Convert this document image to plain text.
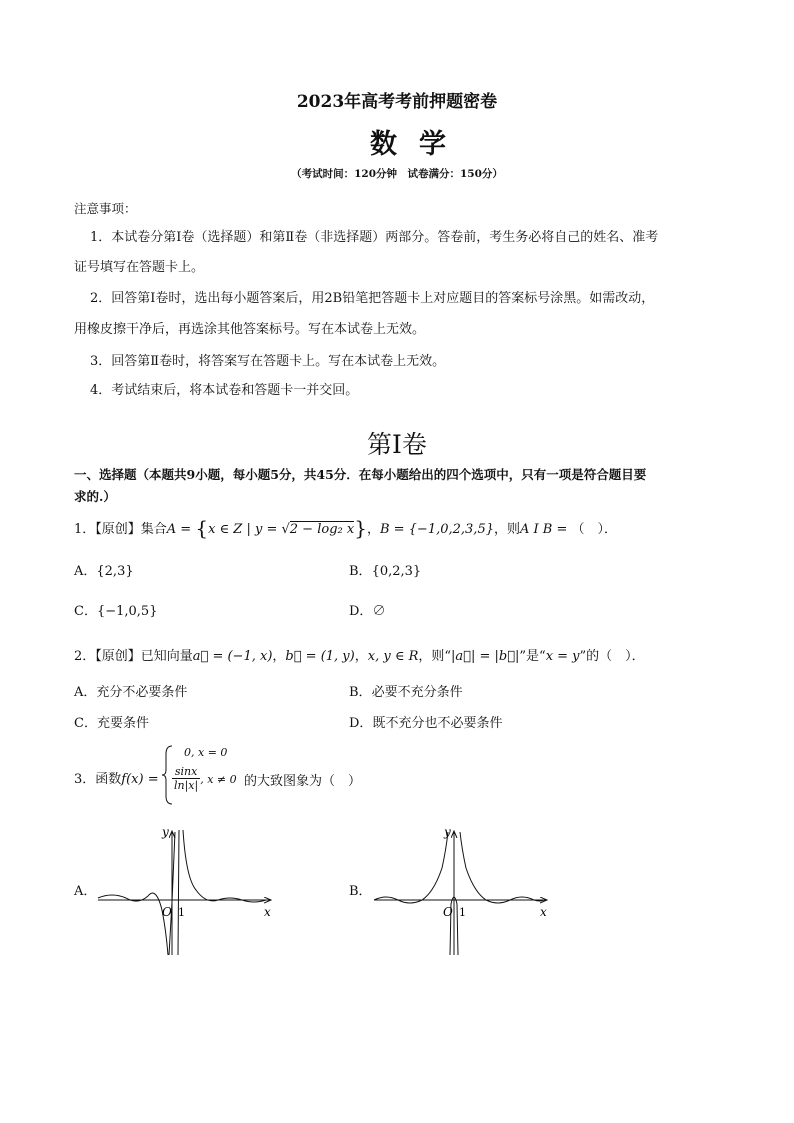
2023年高考考前押题密卷
数学
（考试时间：120分钟　试卷满分：150分）
注意事项：
1．本试卷分第Ⅰ卷（选择题）和第Ⅱ卷（非选择题）两部分。答卷前，考生务必将自己的姓名、准考
证号填写在答题卡上。
2．回答第Ⅰ卷时，选出每小题答案后，用2B铅笔把答题卡上对应题目的答案标号涂黑。如需改动，
用橡皮擦干净后，再选涂其他答案标号。写在本试卷上无效。
3．回答第Ⅱ卷时，将答案写在答题卡上。写在本试卷上无效。
4．考试结束后，将本试卷和答题卡一并交回。
第Ⅰ卷
一、选择题（本题共9小题，每小题5分，共45分．在每小题给出的四个选项中，只有一项是符合题目要
求的.）
1．【原创】集合A = {x ∈ Z | y = √2 − log₂ x}，B = {−1,0,2,3,5}，则A I B = （　）．
A．{2,3}	B．{0,2,3}
C．{−1,0,5}	D．∅
2．【原创】已知向量a⃗ = (−1, x)，b⃗ = (1, y)，x, y ∈ R，则“|a⃗| = |b⃗|”是“x = y”的（　）．
A．充分不必要条件	B．必要不充分条件
C．充要条件	D．既不充分也不必要条件
3．函数f(x) =
0, x = 0
$\frac{\sin x}{\ln|x|}$ , x ≠ 0 的大致图象为（　）
A．	B．
O 1	x
y
O 1	x
y
